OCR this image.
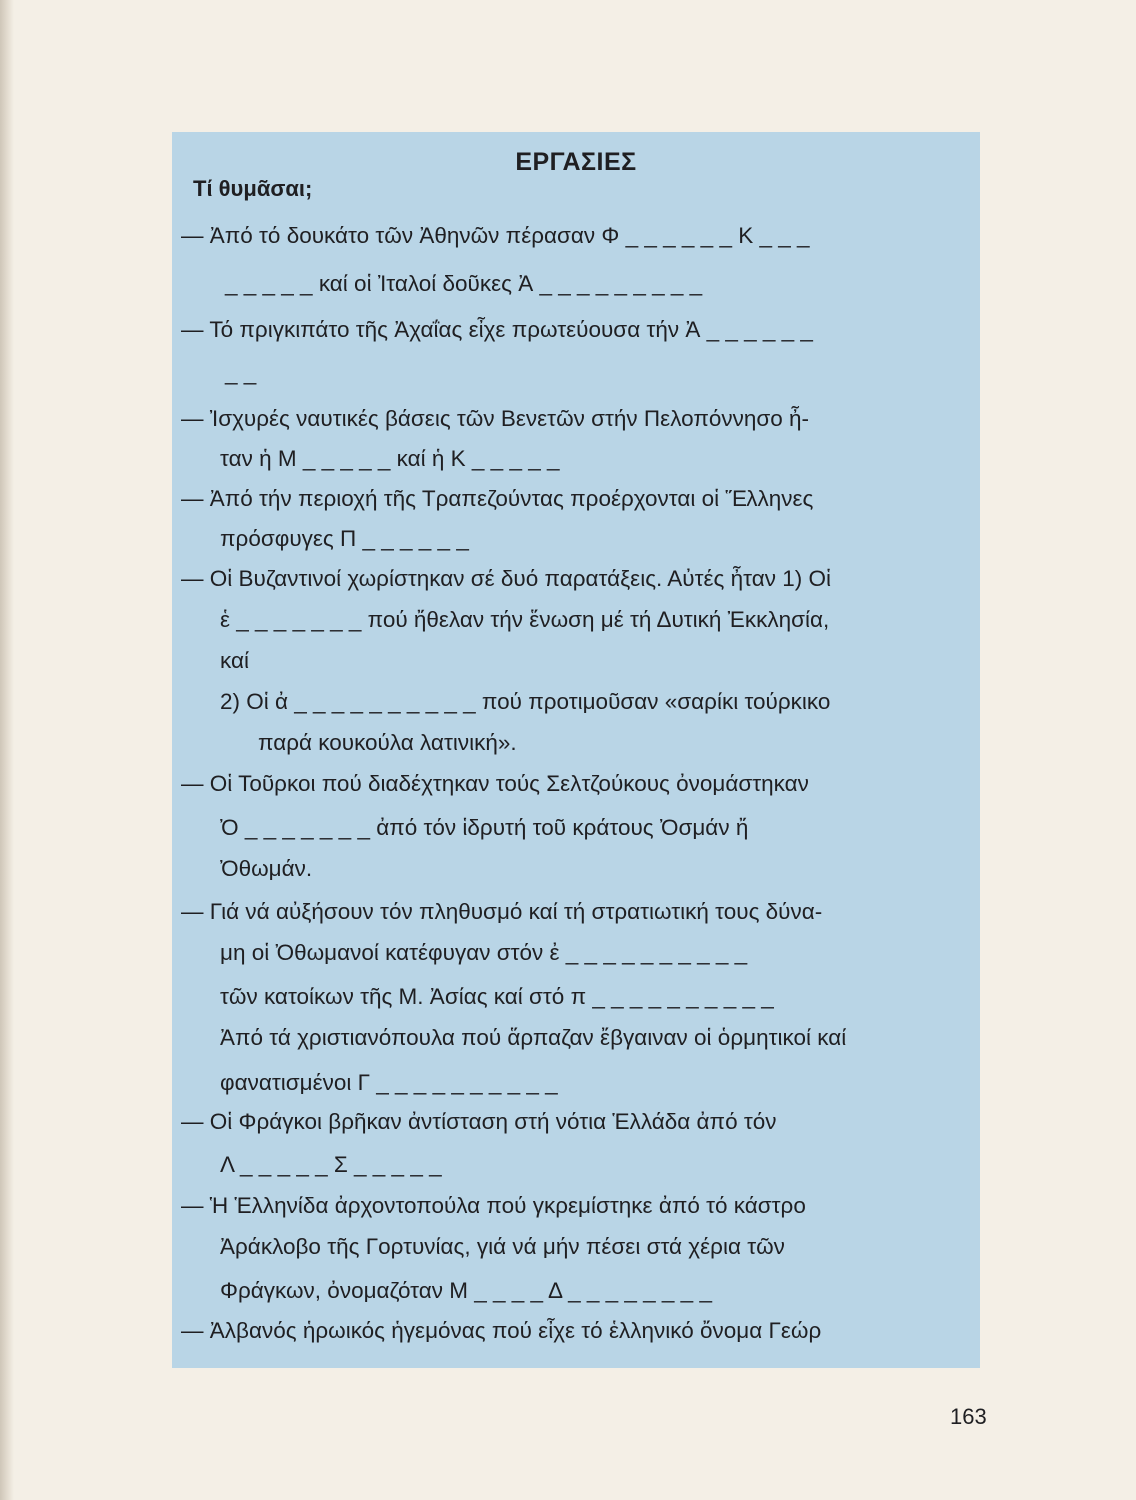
ΕΡΓΑΣΙΕΣ
Τί θυμᾶσαι;
— Ἀπό τό δουκάτο τῶν Ἀθηνῶν πέρασαν Φ _ _ _ _ _ _ Κ _ _ _
_ _ _ _ _ καί οἱ Ἰταλοί δοῦκες Ἀ _ _ _ _ _ _ _ _ _
— Τό πριγκιπάτο τῆς Ἀχαΐας εἶχε πρωτεύουσα τήν Ἀ _ _ _ _ _ _
_ _
— Ἰσχυρές ναυτικές βάσεις τῶν Βενετῶν στήν Πελοπόννησο ἦ-
ταν ἡ Μ _ _ _ _ _ καί ἡ Κ _ _ _ _ _
— Ἀπό τήν περιοχή τῆς Τραπεζούντας προέρχονται οἱ Ἕλληνες
πρόσφυγες Π _ _ _ _ _ _
— Οἱ Βυζαντινοί χωρίστηκαν σέ δυό παρατάξεις. Αὐτές ἦταν 1) Οἱ
ἑ _ _ _ _ _ _ _ πού ἤθελαν τήν ἕνωση μέ τή Δυτική Ἐκκλησία,
καί
2) Οἱ ἀ _ _ _ _ _ _ _ _ _ _ πού προτιμοῦσαν «σαρίκι τούρκικο
παρά κουκούλα λατινική».
— Οἱ Τοῦρκοι πού διαδέχτηκαν τούς Σελτζούκους ὀνομάστηκαν
Ὀ _ _ _ _ _ _ _ ἀπό τόν ἱδρυτή τοῦ κράτους Ὀσμάν ἤ
Ὀθωμάν.
— Γιά νά αὐξήσουν τόν πληθυσμό καί τή στρατιωτική τους δύνα-
μη οἱ Ὀθωμανοί κατέφυγαν στόν ἐ _ _ _ _ _ _ _ _ _ _
τῶν κατοίκων τῆς Μ. Ἀσίας καί στό π _ _ _ _ _ _ _ _ _ _
Ἀπό τά χριστιανόπουλα πού ἅρπαζαν ἔβγαιναν οἱ ὁρμητικοί καί
φανατισμένοι Γ _ _ _ _ _ _ _ _ _ _
— Οἱ Φράγκοι βρῆκαν ἀντίσταση στή νότια Ἑλλάδα ἀπό τόν
Λ _ _ _ _ _ Σ _ _ _ _ _
— Ἡ Ἑλληνίδα ἀρχοντοπούλα πού γκρεμίστηκε ἀπό τό κάστρο
Ἀράκλοβο τῆς Γορτυνίας, γιά νά μήν πέσει στά χέρια τῶν
Φράγκων, ὀνομαζόταν Μ _ _ _ _ Δ _ _ _ _ _ _ _ _
— Ἀλβανός ἡρωικός ἡγεμόνας πού εἶχε τό ἑλληνικό ὄνομα Γεώρ
163
